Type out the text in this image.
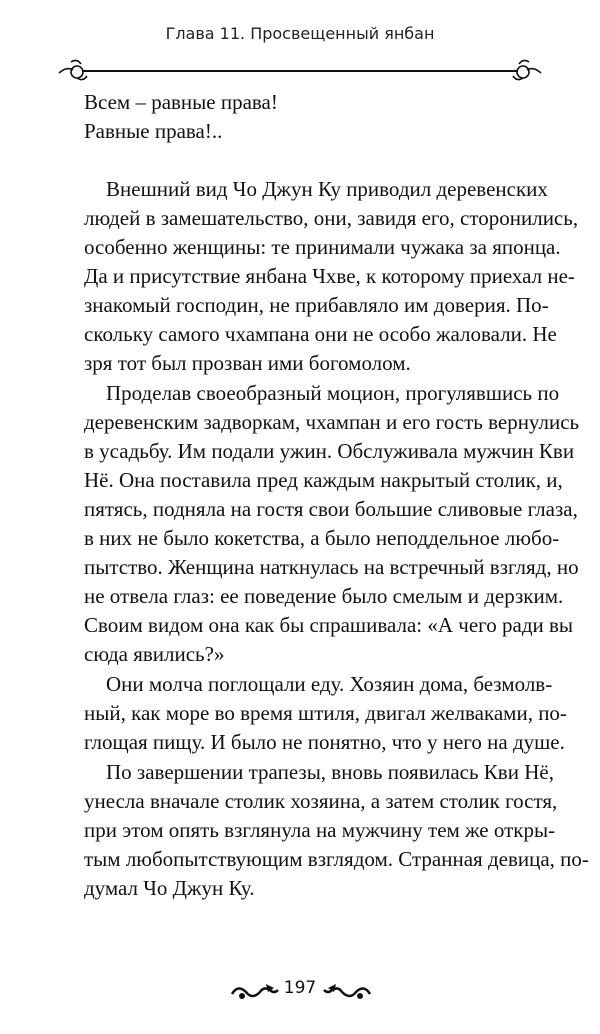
Глава 11. Просвещенный янбан
Всем – равные права!
Равные права!..
Внешний вид Чо Джун Ку приводил деревенских
людей в замешательство, они, завидя его, сторонились,
особенно женщины: те принимали чужака за японца.
Да и присутствие янбана Чхве, к которому приехал не-
знакомый господин, не прибавляло им доверия. По-
скольку самого чхампана они не особо жаловали. Не
зря тот был прозван ими богомолом.
Проделав своеобразный моцион, прогулявшись по
деревенским задворкам, чхампан и его гость вернулись
в усадьбу. Им подали ужин. Обслуживала мужчин Кви
Нё. Она поставила пред каждым накрытый столик, и,
пятясь, подняла на гостя свои большие сливовые глаза,
в них не было кокетства, а было неподдельное любо-
пытство. Женщина наткнулась на встречный взгляд, но
не отвела глаз: ее поведение было смелым и дерзким.
Своим видом она как бы спрашивала: «А чего ради вы
сюда явились?»
Они молча поглощали еду. Хозяин дома, безмолв-
ный, как море во время штиля, двигал желваками, по-
глощая пищу. И было не понятно, что у него на душе.
По завершении трапезы, вновь появилась Кви Нё,
унесла вначале столик хозяина, а затем столик гостя,
при этом опять взглянула на мужчину тем же откры-
тым любопытствующим взглядом. Странная девица, по-
думал Чо Джун Ку.
197
